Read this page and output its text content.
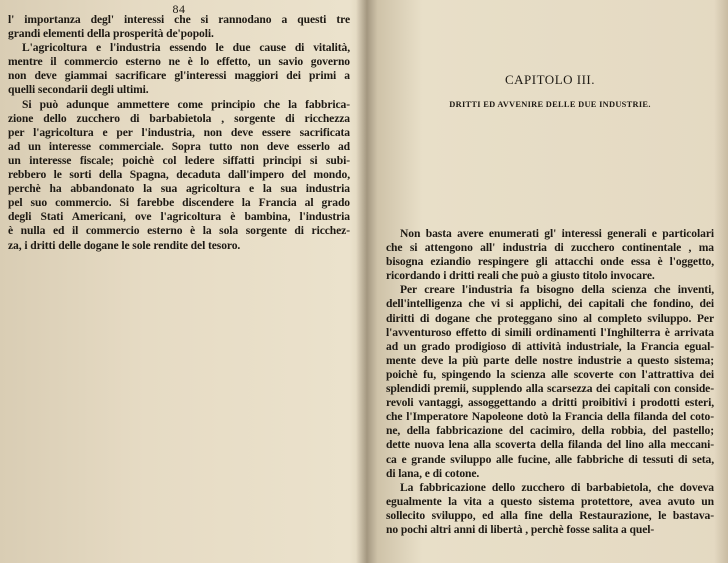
84
l' importanza degl' interessi che si rannodano a questi tre
grandi elementi della prosperità de'popoli.
L'agricoltura e l'industria essendo le due cause di vitalità,
mentre il commercio esterno ne è lo effetto, un savio governo
non deve giammai sacrificare gl'interessi maggiori dei primi a
quelli secondarii degli ultimi.
Si può adunque ammettere come principio che la fabbrica-
zione dello zucchero di barbabietola , sorgente di ricchezza
per l'agricoltura e per l'industria, non deve essere sacrificata
ad un interesse commerciale. Sopra tutto non deve esserlo ad
un interesse fiscale; poichè col ledere siffatti principi si subi-
rebbero le sorti della Spagna, decaduta dall'impero del mondo,
perchè ha abbandonato la sua agricoltura e la sua industria
pel suo commercio. Si farebbe discendere la Francia al grado
degli Stati Americani, ove l'agricoltura è bambina, l'industria
è nulla ed il commercio esterno è la sola sorgente di ricchez-
za, i dritti delle dogane le sole rendite del tesoro.
CAPITOLO III.
DRITTI ED AVVENIRE DELLE DUE INDUSTRIE.
Non basta avere enumerati gl' interessi generali e particolari
che si attengono all' industria di zucchero continentale , ma
bisogna eziandio respingere gli attacchi onde essa è l'oggetto,
ricordando i dritti reali che può a giusto titolo invocare.
Per creare l'industria fa bisogno della scienza che inventi,
dell'intelligenza che vi si applichi, dei capitali che fondino, dei
diritti di dogane che proteggano sino al completo sviluppo. Per
l'avventuroso effetto di simili ordinamenti l'Inghilterra è arrivata
ad un grado prodigioso di attività industriale, la Francia egual-
mente deve la più parte delle nostre industrie a questo sistema;
poichè fu, spingendo la scienza alle scoverte con l'attrattiva dei
splendidi premii, supplendo alla scarsezza dei capitali con conside-
revoli vantaggi, assoggettando a dritti proibitivi i prodotti esteri,
che l'Imperatore Napoleone dotò la Francia della filanda del coto-
ne, della fabbricazione del cacimiro, della robbia, del pastello;
dette nuova lena alla scoverta della filanda del lino alla meccani-
ca e grande sviluppo alle fucine, alle fabbriche di tessuti di seta,
di lana, e di cotone.
La fabbricazione dello zucchero di barbabietola, che doveva
egualmente la vita a questo sistema protettore, avea avuto un
sollecito sviluppo, ed alla fine della Restaurazione, le bastava-
no pochi altri anni di libertà , perchè fosse salita a quel-
